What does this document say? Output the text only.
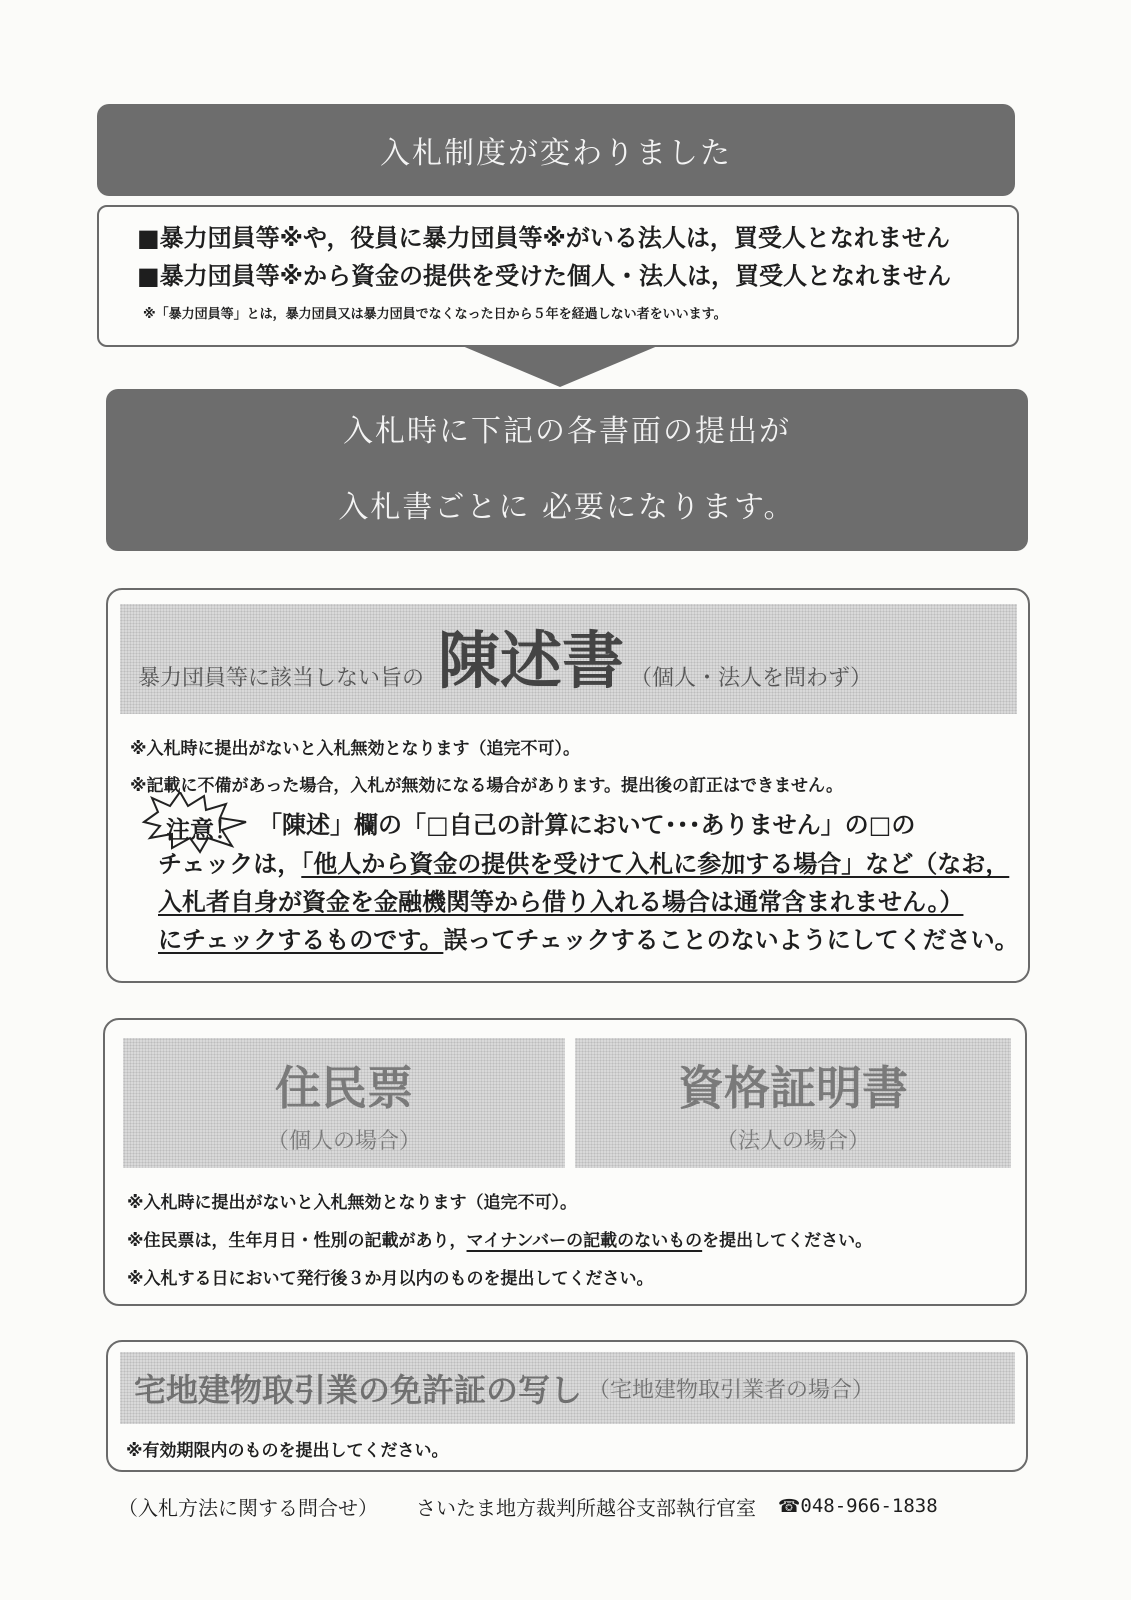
入札制度が変わりました
■暴力団員等※や，役員に暴力団員等※がいる法人は，買受人となれません
■暴力団員等※から資金の提供を受けた個人・法人は，買受人となれません
※「暴力団員等」とは，暴力団員又は暴力団員でなくなった日から５年を経過しない者をいいます。
入札時に下記の各書面の提出が
入札書ごとに 必要になります。
暴力団員等に該当しない旨の 陳述書 （個人・法人を問わず）
※入札時に提出がないと入札無効となります（追完不可）。
※記載に不備があった場合，入札が無効になる場合があります。提出後の訂正はできません。
注意！ 「陳述」欄の「□自己の計算において･･･ありません」の□の
チェックは，「他人から資金の提供を受けて入札に参加する場合」など（なお，
入札者自身が資金を金融機関等から借り入れる場合は通常含まれません。）
にチェックするものです。誤ってチェックすることのないようにしてください。
住民票
（個人の場合）
資格証明書
（法人の場合）
※入札時に提出がないと入札無効となります（追完不可）。
※住民票は，生年月日・性別の記載があり，マイナンバーの記載のないものを提出してください。
※入札する日において発行後３か月以内のものを提出してください。
宅地建物取引業の免許証の写し （宅地建物取引業者の場合）
※有効期限内のものを提出してください。
（入札方法に関する問合せ） さいたま地方裁判所越谷支部執行官室 ☎ 048-966-1838
